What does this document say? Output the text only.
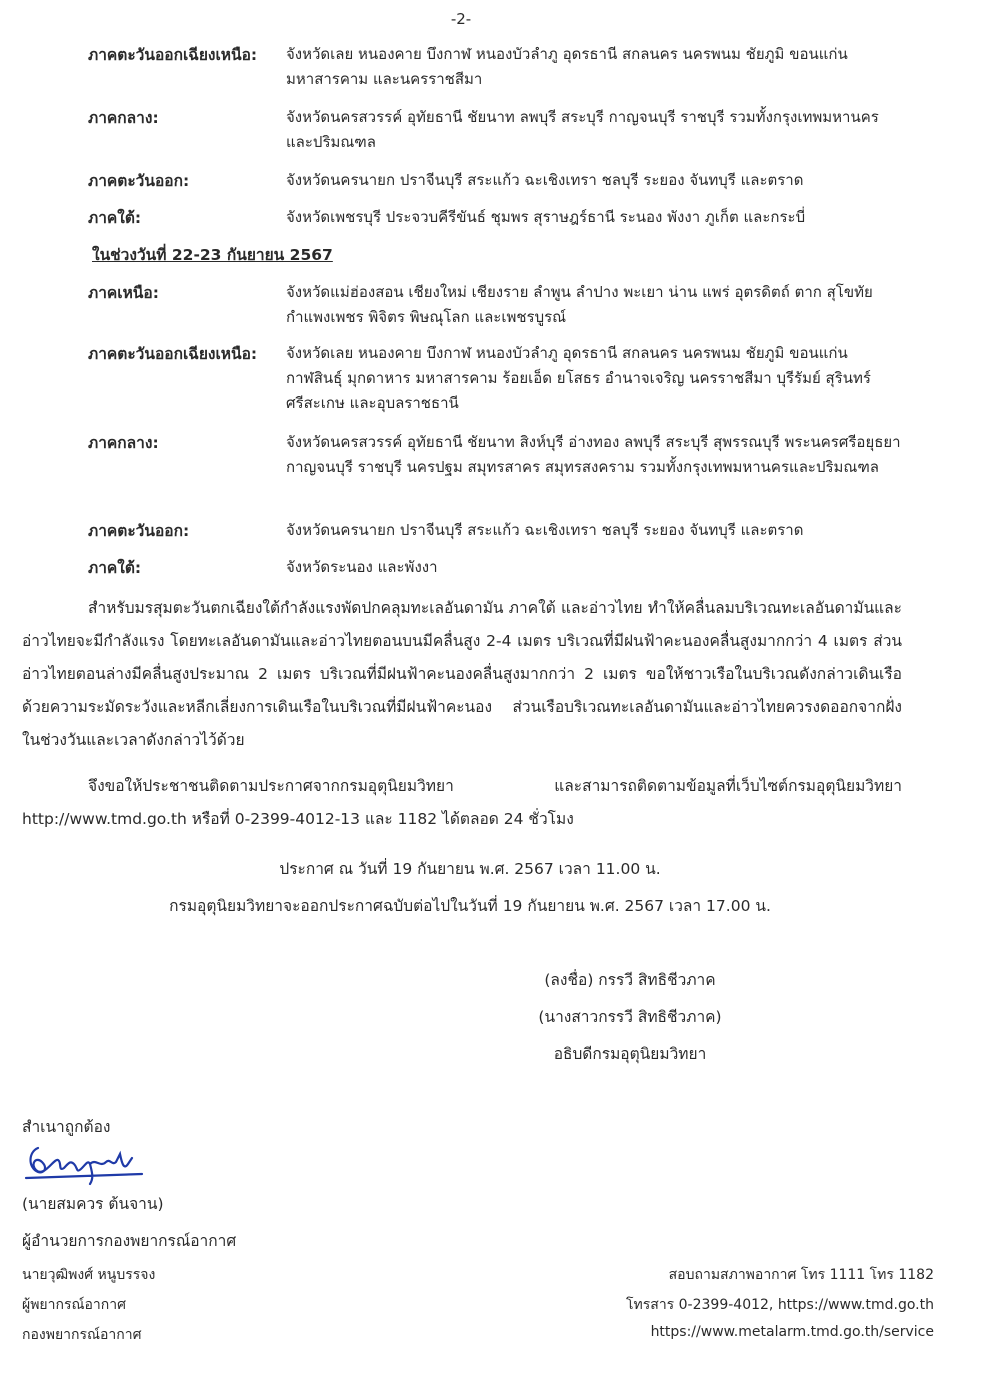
-2-
ภาคตะวันออกเฉียงเหนือ: จังหวัดเลย หนองคาย บึงกาฬ หนองบัวลำภู อุดรธานี สกลนคร นครพนม ชัยภูมิ ขอนแก่น มหาสารคาม และนครราชสีมา
ภาคกลาง:	จังหวัดนครสวรรค์ อุทัยธานี ชัยนาท ลพบุรี สระบุรี กาญจนบุรี ราชบุรี รวมทั้งกรุงเทพมหานครและปริมณฑล
ภาคตะวันออก:	จังหวัดนครนายก ปราจีนบุรี สระแก้ว ฉะเชิงเทรา ชลบุรี ระยอง จันทบุรี และตราด
ภาคใต้:	จังหวัดเพชรบุรี ประจวบคีรีขันธ์ ชุมพร สุราษฎร์ธานี ระนอง พังงา ภูเก็ต และกระบี่
ในช่วงวันที่ 22-23 กันยายน 2567
ภาคเหนือ:	จังหวัดแม่ฮ่องสอน เชียงใหม่ เชียงราย ลำพูน ลำปาง พะเยา น่าน แพร่ อุตรดิตถ์ ตาก สุโขทัย กำแพงเพชร พิจิตร พิษณุโลก และเพชรบูรณ์
ภาคตะวันออกเฉียงเหนือ: จังหวัดเลย หนองคาย บึงกาฬ หนองบัวลำภู อุดรธานี สกลนคร นครพนม ชัยภูมิ ขอนแก่น กาฬสินธุ์ มุกดาหาร มหาสารคาม ร้อยเอ็ด ยโสธร อำนาจเจริญ นครราชสีมา บุรีรัมย์ สุรินทร์ ศรีสะเกษ และอุบลราชธานี
ภาคกลาง:	จังหวัดนครสวรรค์ อุทัยธานี ชัยนาท สิงห์บุรี อ่างทอง ลพบุรี สระบุรี สุพรรณบุรี พระนครศรีอยุธยา กาญจนบุรี ราชบุรี นครปฐม สมุทรสาคร สมุทรสงคราม รวมทั้งกรุงเทพมหานครและปริมณฑล
ภาคตะวันออก:	จังหวัดนครนายก ปราจีนบุรี สระแก้ว ฉะเชิงเทรา ชลบุรี ระยอง จันทบุรี และตราด
ภาคใต้:	จังหวัดระนอง และพังงา
สำหรับมรสุมตะวันตกเฉียงใต้กำลังแรงพัดปกคลุมทะเลอันดามัน ภาคใต้ และอ่าวไทย ทำให้คลื่นลมบริเวณทะเลอันดามันและอ่าวไทยจะมีกำลังแรง โดยทะเลอันดามันและอ่าวไทยตอนบนมีคลื่นสูง 2-4 เมตร บริเวณที่มีฝนฟ้าคะนองคลื่นสูงมากกว่า 4 เมตร ส่วนอ่าวไทยตอนล่างมีคลื่นสูงประมาณ 2 เมตร บริเวณที่มีฝนฟ้าคะนองคลื่นสูงมากกว่า 2 เมตร ขอให้ชาวเรือในบริเวณดังกล่าวเดินเรือด้วยความระมัดระวังและหลีกเลี่ยงการเดินเรือในบริเวณที่มีฝนฟ้าคะนอง ส่วนเรือบริเวณทะเลอันดามันและอ่าวไทยควรงดออกจากฝั่งในช่วงวันและเวลาดังกล่าวไว้ด้วย
จึงขอให้ประชาชนติดตามประกาศจากกรมอุตุนิยมวิทยา และสามารถติดตามข้อมูลที่เว็บไซต์กรมอุตุนิยมวิทยา http://www.tmd.go.th หรือที่ 0-2399-4012-13 และ 1182 ได้ตลอด 24 ชั่วโมง
ประกาศ ณ วันที่ 19 กันยายน พ.ศ. 2567 เวลา 11.00 น.
กรมอุตุนิยมวิทยาจะออกประกาศฉบับต่อไปในวันที่ 19 กันยายน พ.ศ. 2567 เวลา 17.00 น.
(ลงชื่อ) กรรวี สิทธิชีวภาค
(นางสาวกรรวี สิทธิชีวภาค)
อธิบดีกรมอุตุนิยมวิทยา
สำเนาถูกต้อง
(นายสมควร ต้นจาน)
ผู้อำนวยการกองพยากรณ์อากาศ
นายวุฒิพงศ์ หนูบรรจง
ผู้พยากรณ์อากาศ
กองพยากรณ์อากาศ
สอบถามสภาพอากาศ โทร 1111 โทร 1182
โทรสาร 0-2399-4012, https://www.tmd.go.th
https://www.metalarm.tmd.go.th/service
